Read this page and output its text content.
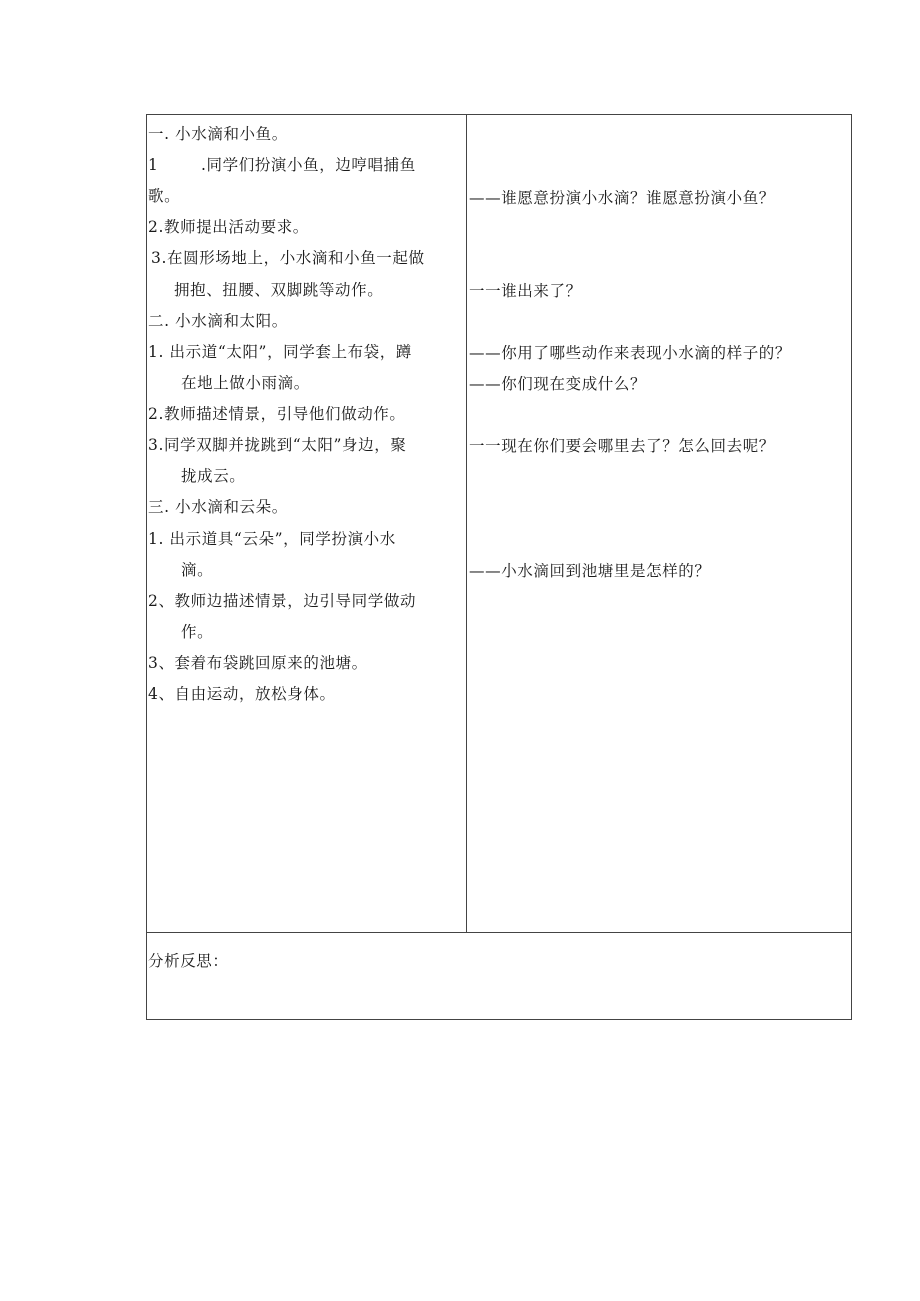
一. 小水滴和小鱼。
1	.同学们扮演小鱼，边哼唱捕鱼
歌。
2.教师提出活动要求。
3.在圆形场地上，小水滴和小鱼一起做
拥抱、扭腰、双脚跳等动作。
二. 小水滴和太阳。
1. 出示道“太阳”，同学套上布袋，蹲
在地上做小雨滴。
2.教师描述情景，引导他们做动作。
3.同学双脚并拢跳到“太阳”身边，聚
拢成云。
三. 小水滴和云朵。
1. 出示道具“云朵”，同学扮演小水
滴。
2、教师边描述情景，边引导同学做动
作。
3、套着布袋跳回原来的池塘。
4、自由运动，放松身体。
——谁愿意扮演小水滴？谁愿意扮演小鱼？
一一谁出来了？
——你用了哪些动作来表现小水滴的样子的？
——你们现在变成什么？
一一现在你们要会哪里去了？怎么回去呢？
——小水滴回到池塘里是怎样的？
分析反思：
